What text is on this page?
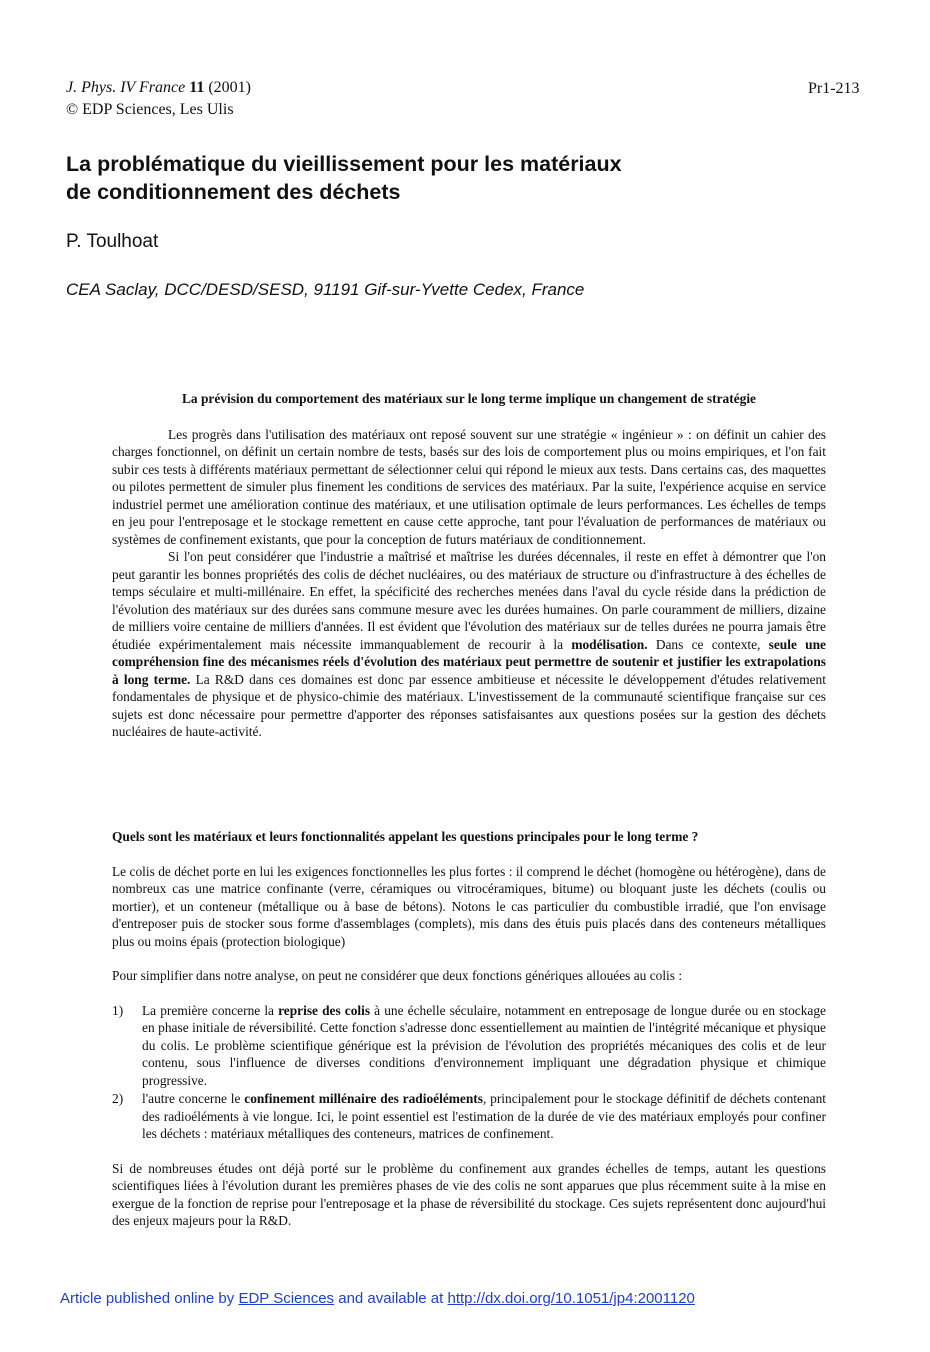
J. Phys. IV France 11 (2001)
© EDP Sciences, Les Ulis
Pr1-213
La problématique du vieillissement pour les matériaux
de conditionnement des déchets
P. Toulhoat
CEA Saclay, DCC/DESD/SESD, 91191 Gif-sur-Yvette Cedex, France

La prévision du comportement des matériaux sur le long terme implique un changement de stratégie

Les progrès dans l'utilisation des matériaux ont reposé souvent sur une stratégie « ingénieur » : on définit un cahier des charges fonctionnel, on définit un certain nombre de tests, basés sur des lois de comportement plus ou moins empiriques, et l'on fait subir ces tests à différents matériaux permettant de sélectionner celui qui répond le mieux aux tests. Dans certains cas, des maquettes ou pilotes permettent de simuler plus finement les conditions de services des matériaux. Par la suite, l'expérience acquise en service industriel permet une amélioration continue des matériaux, et une utilisation optimale de leurs performances. Les échelles de temps en jeu pour l'entreposage et le stockage remettent en cause cette approche, tant pour l'évaluation de performances de matériaux ou systèmes de confinement existants, que pour la conception de futurs matériaux de conditionnement.

Si l'on peut considérer que l'industrie a maîtrisé et maîtrise les durées décennales, il reste en effet à démontrer que l'on peut garantir les bonnes propriétés des colis de déchet nucléaires, ou des matériaux de structure ou d'infrastructure à des échelles de temps séculaire et multi-millénaire. En effet, la spécificité des recherches menées dans l'aval du cycle réside dans la prédiction de l'évolution des matériaux sur des durées sans commune mesure avec les durées humaines. On parle couramment de milliers, dizaine de milliers voire centaine de milliers d'années. Il est évident que l'évolution des matériaux sur de telles durées ne pourra jamais être étudiée expérimentalement mais nécessite immanquablement de recourir à la modélisation. Dans ce contexte, seule une compréhension fine des mécanismes réels d'évolution des matériaux peut permettre de soutenir et justifier les extrapolations à long terme. La R&D dans ces domaines est donc par essence ambitieuse et nécessite le développement d'études relativement fondamentales de physique et de physico-chimie des matériaux. L'investissement de la communauté scientifique française sur ces sujets est donc nécessaire pour permettre d'apporter des réponses satisfaisantes aux questions posées sur la gestion des déchets nucléaires de haute-activité.

Quels sont les matériaux et leurs fonctionnalités appelant les questions principales pour le long terme ?

Le colis de déchet porte en lui les exigences fonctionnelles les plus fortes : il comprend le déchet (homogène ou hétérogène), dans de nombreux cas une matrice confinante (verre, céramiques ou vitrocéramiques, bitume) ou bloquant juste les déchets (coulis ou mortier), et un conteneur (métallique ou à base de bétons). Notons le cas particulier du combustible irradié, que l'on envisage d'entreposer puis de stocker sous forme d'assemblages (complets), mis dans des étuis puis placés dans des conteneurs métalliques plus ou moins épais (protection biologique)

Pour simplifier dans notre analyse, on peut ne considérer que deux fonctions génériques allouées au colis :

1) La première concerne la reprise des colis à une échelle séculaire, notamment en entreposage de longue durée ou en stockage en phase initiale de réversibilité. Cette fonction s'adresse donc essentiellement au maintien de l'intégrité mécanique et physique du colis. Le problème scientifique générique est la prévision de l'évolution des propriétés mécaniques des colis et de leur contenu, sous l'influence de diverses conditions d'environnement impliquant une dégradation physique et chimique progressive.
2) l'autre concerne le confinement millénaire des radioéléments, principalement pour le stockage définitif de déchets contenant des radioéléments à vie longue. Ici, le point essentiel est l'estimation de la durée de vie des matériaux employés pour confiner les déchets : matériaux métalliques des conteneurs, matrices de confinement.

Si de nombreuses études ont déjà porté sur le problème du confinement aux grandes échelles de temps, autant les questions scientifiques liées à l'évolution durant les premières phases de vie des colis ne sont apparues que plus récemment suite à la mise en exergue de la fonction de reprise pour l'entreposage et la phase de réversibilité du stockage. Ces sujets représentent donc aujourd'hui des enjeux majeurs pour la R&D.

Article published online by EDP Sciences and available at http://dx.doi.org/10.1051/jp4:2001120
